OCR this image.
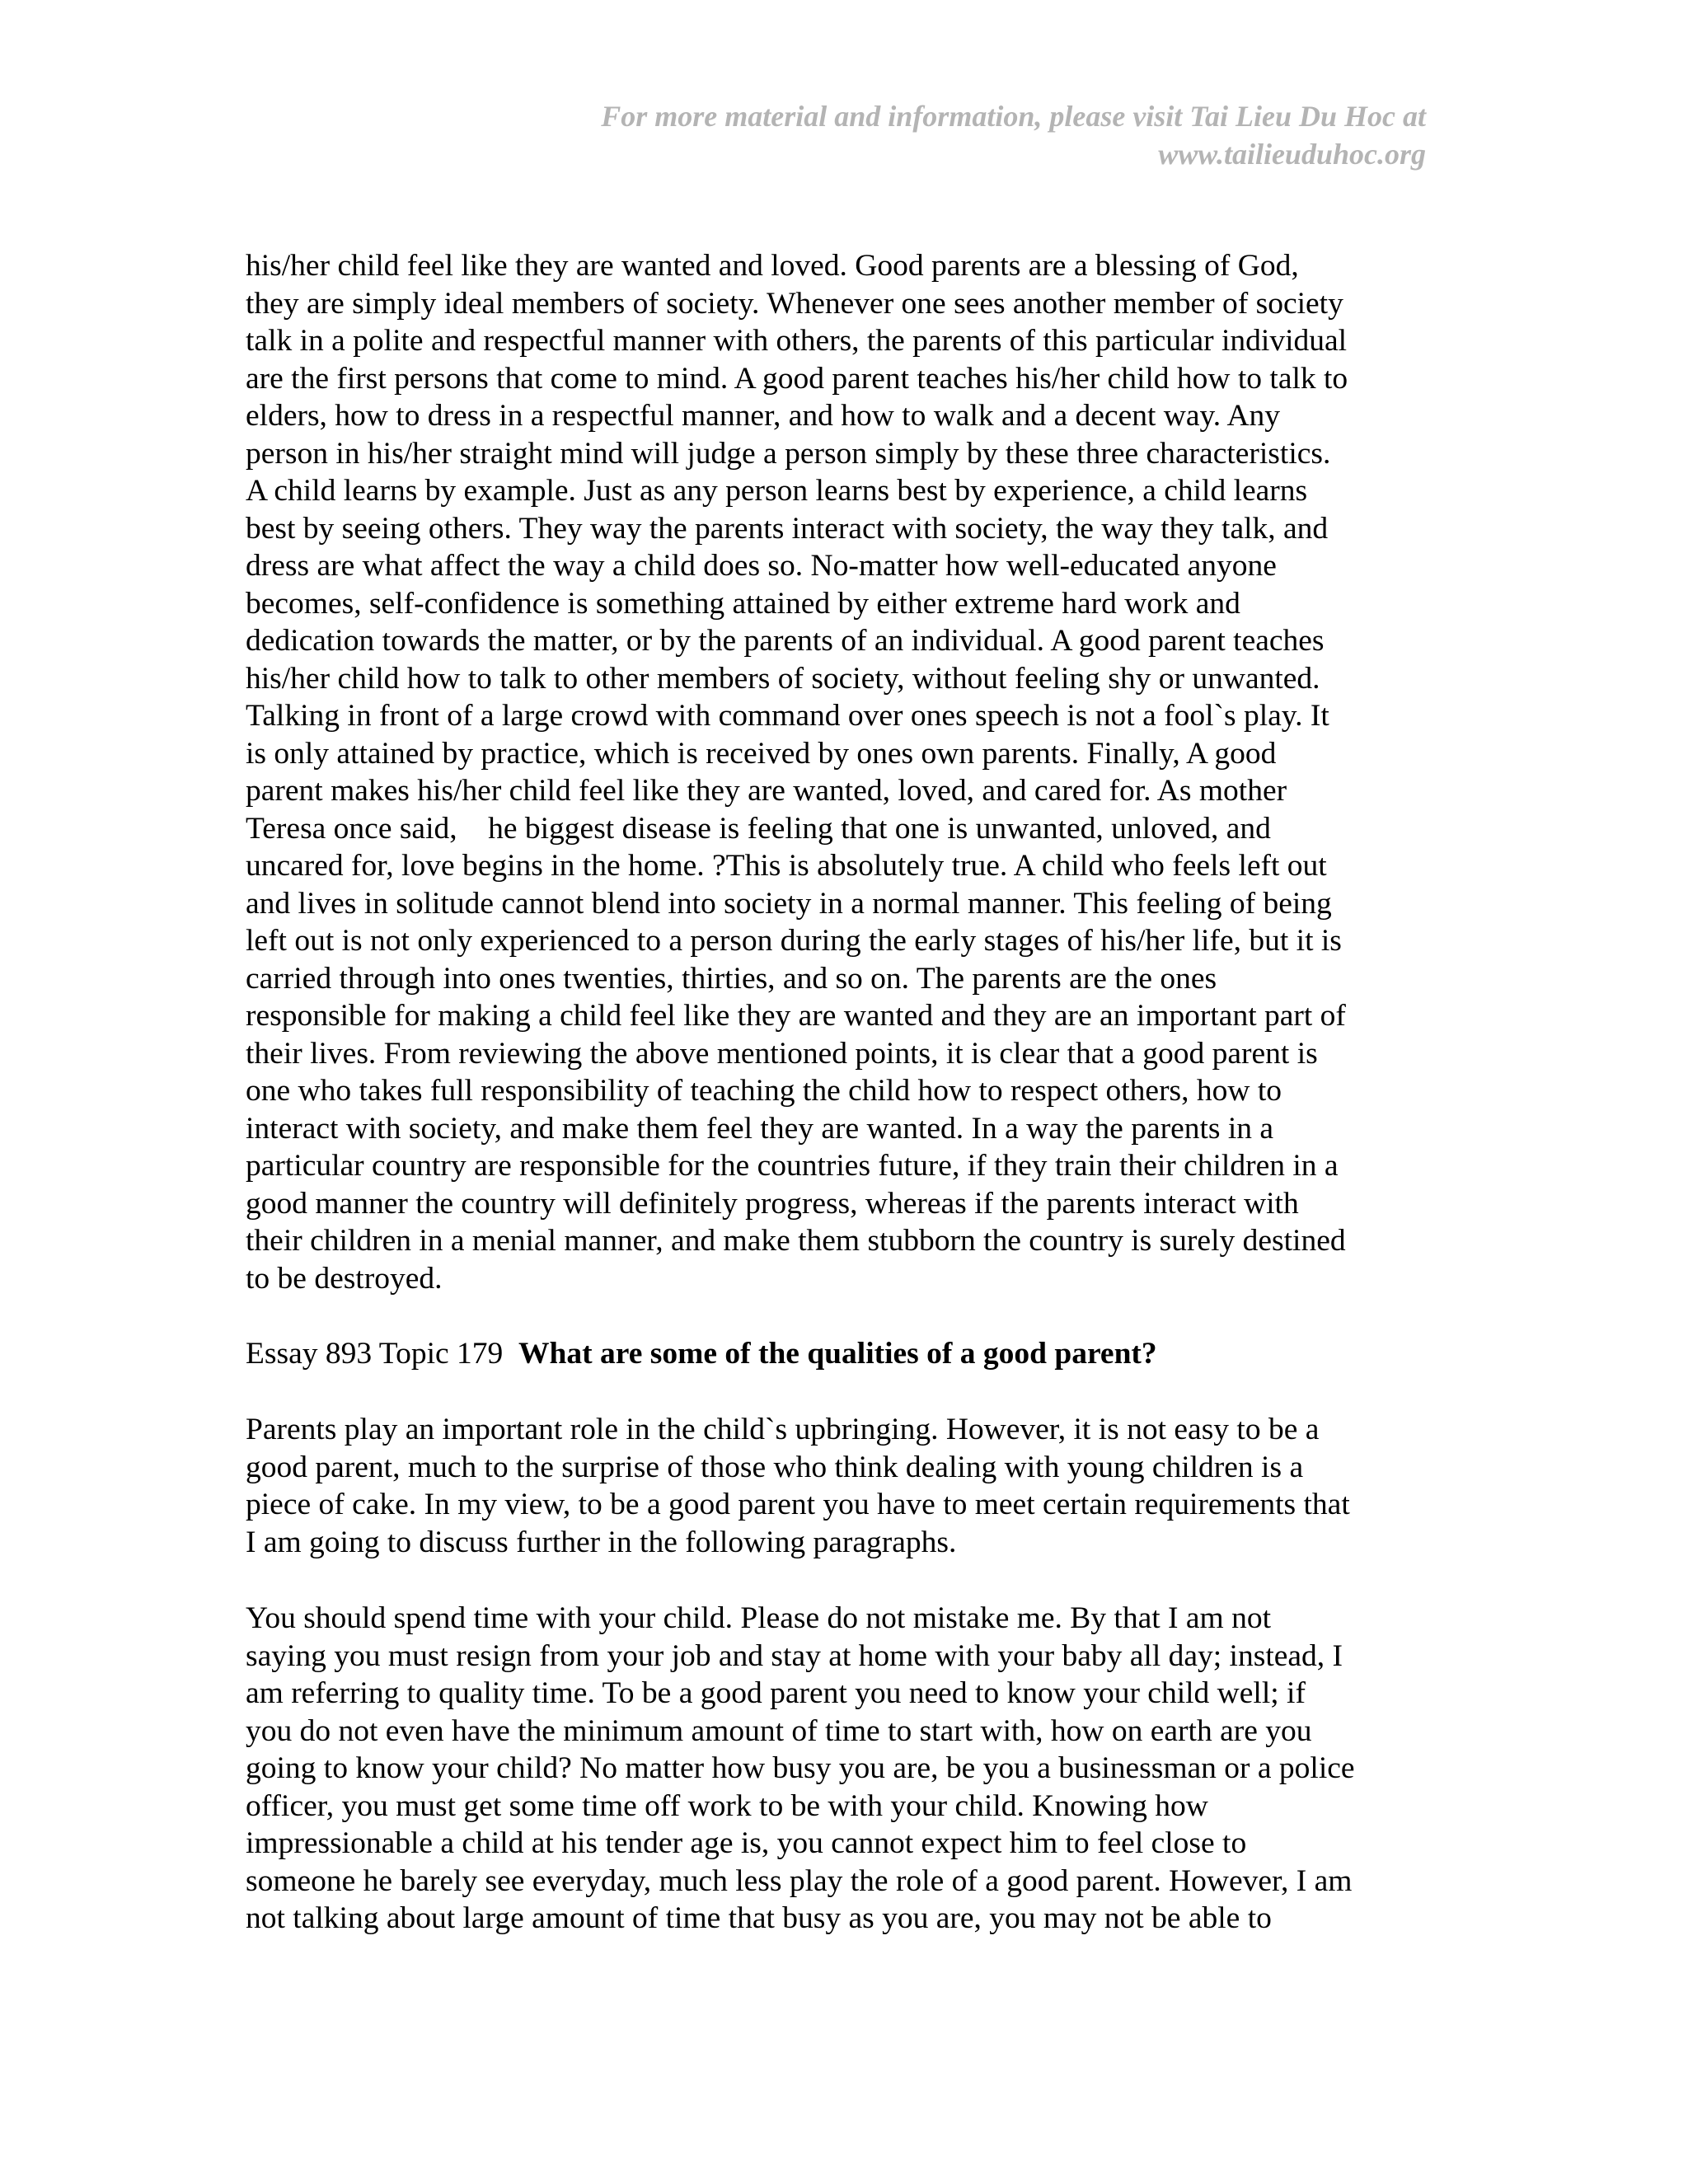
For more material and information, please visit Tai Lieu Du Hoc at
www.tailieuduhoc.org
his/her child feel like they are wanted and loved. Good parents are a blessing of God,
they are simply ideal members of society. Whenever one sees another member of society
talk in a polite and respectful manner with others, the parents of this particular individual
are the first persons that come to mind. A good parent teaches his/her child how to talk to
elders, how to dress in a respectful manner, and how to walk and a decent way. Any
person in his/her straight mind will judge a person simply by these three characteristics.
A child learns by example. Just as any person learns best by experience, a child learns
best by seeing others. They way the parents interact with society, the way they talk, and
dress are what affect the way a child does so. No-matter how well-educated anyone
becomes, self-confidence is something attained by either extreme hard work and
dedication towards the matter, or by the parents of an individual. A good parent teaches
his/her child how to talk to other members of society, without feeling shy or unwanted.
Talking in front of a large crowd with command over ones speech is not a fool`s play. It
is only attained by practice, which is received by ones own parents. Finally, A good
parent makes his/her child feel like they are wanted, loved, and cared for. As mother
Teresa once said,    he biggest disease is feeling that one is unwanted, unloved, and
uncared for, love begins in the home. ?This is absolutely true. A child who feels left out
and lives in solitude cannot blend into society in a normal manner. This feeling of being
left out is not only experienced to a person during the early stages of his/her life, but it is
carried through into ones twenties, thirties, and so on. The parents are the ones
responsible for making a child feel like they are wanted and they are an important part of
their lives. From reviewing the above mentioned points, it is clear that a good parent is
one who takes full responsibility of teaching the child how to respect others, how to
interact with society, and make them feel they are wanted. In a way the parents in a
particular country are responsible for the countries future, if they train their children in a
good manner the country will definitely progress, whereas if the parents interact with
their children in a menial manner, and make them stubborn the country is surely destined
to be destroyed.
Essay 893 Topic 179  What are some of the qualities of a good parent?
Parents play an important role in the child`s upbringing. However, it is not easy to be a
good parent, much to the surprise of those who think dealing with young children is a
piece of cake. In my view, to be a good parent you have to meet certain requirements that
I am going to discuss further in the following paragraphs.
You should spend time with your child. Please do not mistake me. By that I am not
saying you must resign from your job and stay at home with your baby all day; instead, I
am referring to quality time. To be a good parent you need to know your child well; if
you do not even have the minimum amount of time to start with, how on earth are you
going to know your child? No matter how busy you are, be you a businessman or a police
officer, you must get some time off work to be with your child. Knowing how
impressionable a child at his tender age is, you cannot expect him to feel close to
someone he barely see everyday, much less play the role of a good parent. However, I am
not talking about large amount of time that busy as you are, you may not be able to
